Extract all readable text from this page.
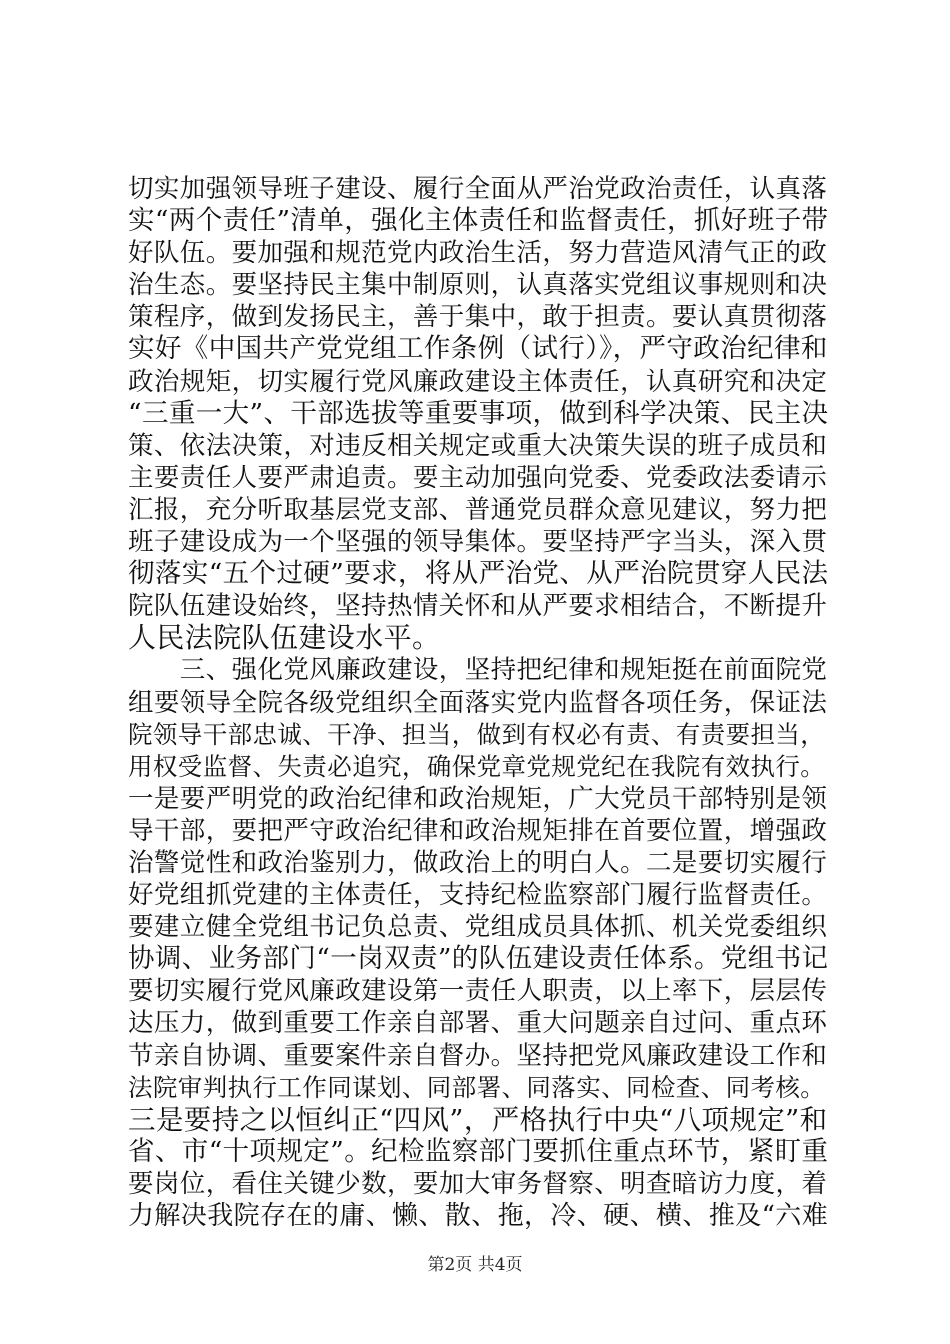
切实加强领导班子建设、履行全面从严治党政治责任，认真落
实“两个责任”清单，强化主体责任和监督责任，抓好班子带
好队伍。要加强和规范党内政治生活，努力营造风清气正的政
治生态。要坚持民主集中制原则，认真落实党组议事规则和决
策程序，做到发扬民主，善于集中，敢于担责。要认真贯彻落
实好《中国共产党党组工作条例（试行）》，严守政治纪律和
政治规矩，切实履行党风廉政建设主体责任，认真研究和决定
“三重一大”、干部选拔等重要事项，做到科学决策、民主决
策、依法决策，对违反相关规定或重大决策失误的班子成员和
主要责任人要严肃追责。要主动加强向党委、党委政法委请示
汇报，充分听取基层党支部、普通党员群众意见建议，努力把
班子建设成为一个坚强的领导集体。要坚持严字当头，深入贯
彻落实“五个过硬”要求，将从严治党、从严治院贯穿人民法
院队伍建设始终，坚持热情关怀和从严要求相结合，不断提升
人民法院队伍建设水平。
　　三、强化党风廉政建设，坚持把纪律和规矩挺在前面院党
组要领导全院各级党组织全面落实党内监督各项任务，保证法
院领导干部忠诚、干净、担当，做到有权必有责、有责要担当，
用权受监督、失责必追究，确保党章党规党纪在我院有效执行。
一是要严明党的政治纪律和政治规矩，广大党员干部特别是领
导干部，要把严守政治纪律和政治规矩排在首要位置，增强政
治警觉性和政治鉴别力，做政治上的明白人。二是要切实履行
好党组抓党建的主体责任，支持纪检监察部门履行监督责任。
要建立健全党组书记负总责、党组成员具体抓、机关党委组织
协调、业务部门“一岗双责”的队伍建设责任体系。党组书记
要切实履行党风廉政建设第一责任人职责，以上率下，层层传
达压力，做到重要工作亲自部署、重大问题亲自过问、重点环
节亲自协调、重要案件亲自督办。坚持把党风廉政建设工作和
法院审判执行工作同谋划、同部署、同落实、同检查、同考核。
三是要持之以恒纠正“四风”，严格执行中央“八项规定”和
省、市“十项规定”。纪检监察部门要抓住重点环节，紧盯重
要岗位，看住关键少数，要加大审务督察、明查暗访力度，着
力解决我院存在的庸、懒、散、拖，冷、硬、横、推及“六难
第2页 共4页
